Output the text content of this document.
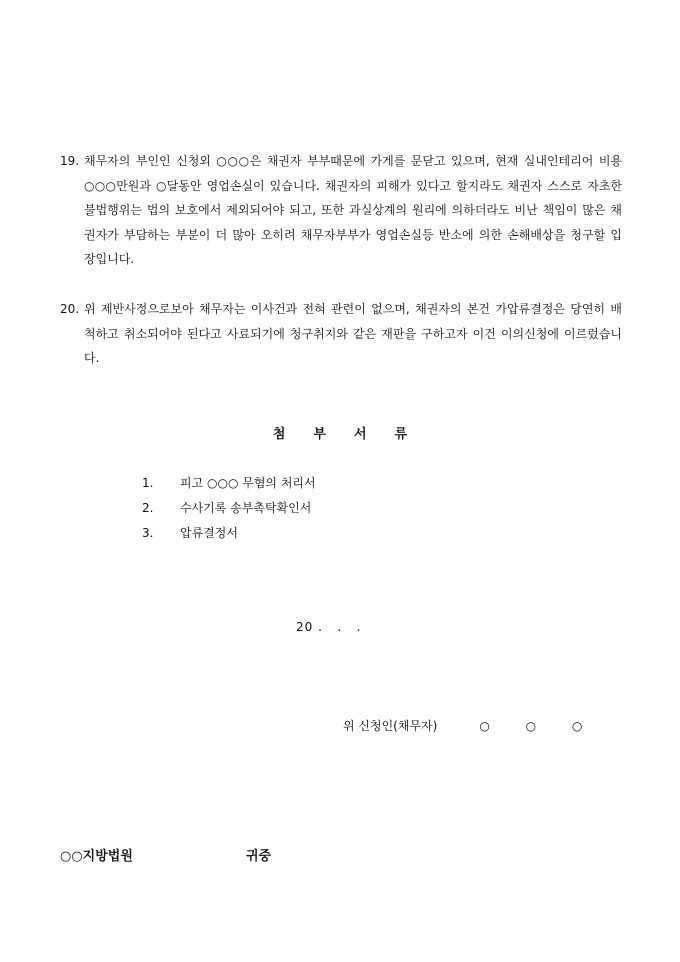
19. 채무자의 부인인 신청외 ○○○은 채권자 부부때문에 가게를 문닫고 있으며, 현재 실내인테리어 비용 ○○○만원과 ○달동안 영업손실이 있습니다. 채권자의 피해가 있다고 할지라도 채권자 스스로 자초한 불법행위는 법의 보호에서 제외되어야 되고, 또한 과실상계의 원리에 의하더라도 비난 책임이 많은 채권자가 부담하는 부분이 더 많아 오히려 채무자부부가 영업손실등 반소에 의한 손해배상을 청구할 입장입니다.
20. 위 제반사정으로보아 채무자는 이사건과 전혀 관련이 없으며, 채권자의 본건 가압류결정은 당연히 배척하고 취소되어야 된다고 사료되기에 청구취지와 같은 재판을 구하고자 이건 이의신청에 이르렀습니다.
첨부서류
1. 피고 ○○○ 무혐의 처리서
2. 수사기록 송부촉탁확인서
3. 압류결정서
20 .   .   .
위 신청인(채무자)	○ ○ ○
○○지방법원	귀중
